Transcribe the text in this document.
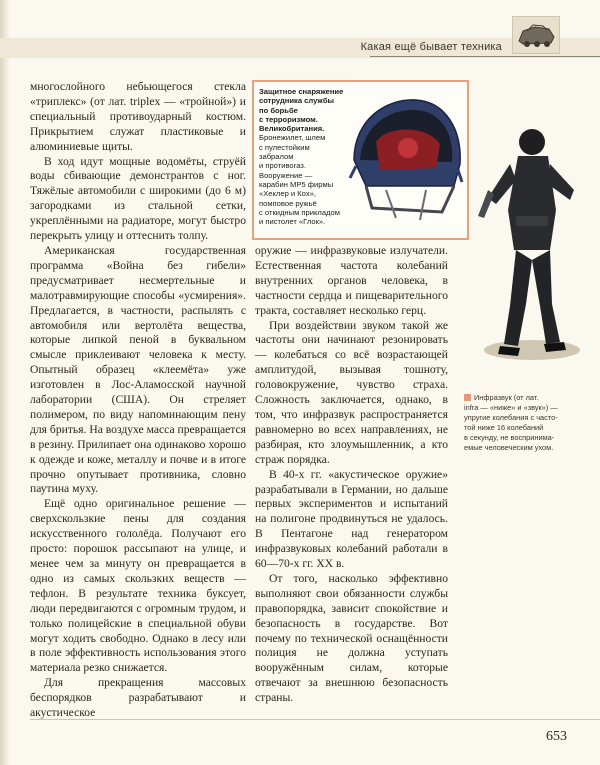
Какая ещё бывает техника

многослойного небьющегося стекла «триплекс» (от лат. triplex — «тройной») и специальный противоударный костюм. Прикрытием служат пластиковые и алюминиевые щиты.

В ход идут мощные водомёты, струёй воды сбивающие демонстрантов с ног. Тяжёлые автомобили с широкими (до 6 м) загородками из стальной сетки, укреплёнными на радиаторе, могут быстро перекрыть улицу и оттеснить толпу.

Американская государственная программа «Война без гибели» предусматривает несмертельные и малотравмирующие способы «усмирения». Предлагается, в частности, распылять с автомобиля или вертолёта вещества, которые липкой пеной в буквальном смысле приклеивают человека к месту. Опытный образец «клеемёта» уже изготовлен в Лос-Аламосской научной лаборатории (США). Он стреляет полимером, по виду напоминающим пену для бритья. На воздухе масса превращается в резину. Прилипает она одинаково хорошо к одежде и коже, металлу и почве и в итоге прочно опутывает противника, словно паутина муху.

Ещё одно оригинальное решение — сверхскользкие пены для создания искусственного гололёда. Получают его просто: порошок рассыпают на улице, и менее чем за минуту он превращается в одно из самых скользких веществ — тефлон. В результате техника буксует, люди передвигаются с огромным трудом, и только полицейские в специальной обуви могут ходить свободно. Однако в лесу или в поле эффективность использования этого материала резко снижается.

Для прекращения массовых беспорядков разрабатывают и акустическое

Защитное снаряжение
сотрудника службы
по борьбе
с терроризмом.
Великобритания.
Бронежилет, шлем
с пулестойким
забралом
и противогаз.
Вооружение —
карабин MP5 фирмы
«Хеклер и Кох»,
помповое ружьё
с откидным прикладом
и пистолет «Глок».

оружие — инфразвуковые излучатели. Естественная частота колебаний внутренних органов человека, в частности сердца и пищеварительного тракта, составляет несколько герц.

При воздействии звуком такой же частоты они начинают резонировать — колебаться со всё возрастающей амплитудой, вызывая тошноту, головокружение, чувство страха. Сложность заключается, однако, в том, что инфразвук распространяется равномерно во всех направлениях, не разбирая, кто злоумышленник, а кто страж порядка.

В 40-х гг. «акустическое оружие» разрабатывали в Германии, но дальше первых экспериментов и испытаний на полигоне продвинуться не удалось. В Пентагоне над генератором инфразвуковых колебаний работали в 60—70-х гг. XX в.

От того, насколько эффективно выполняют свои обязанности службы правопорядка, зависит спокойствие и безопасность в государстве. Вот почему по технической оснащённости полиция не должна уступать вооружённым силам, которые отвечают за внешнюю безопасность страны.

Инфразвук (от лат.
infra — «ниже» и «звук») —
упругие колебания с часто-
той ниже 16 колебаний
в секунду, не воспринима-
емые человеческим ухом.
653
